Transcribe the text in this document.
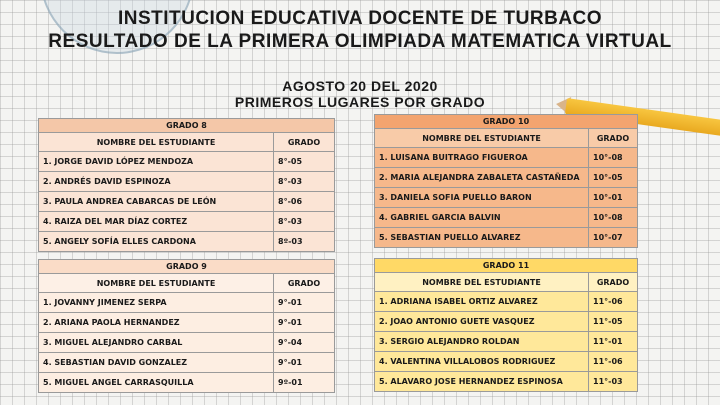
INSTITUCION EDUCATIVA DOCENTE DE TURBACO
RESULTADO DE LA PRIMERA OLIMPIADA MATEMATICA VIRTUAL
AGOSTO 20 DEL 2020
PRIMEROS LUGARES POR GRADO
GRADO 8	
NOMBRE DEL ESTUDIANTE	GRADO
1. JORGE DAVID LÓPEZ MENDOZA	8°-05
2. ANDRÉS DAVID ESPINOZA	8°-03
3. PAULA ANDREA CABARCAS DE LEÓN	8°-06
4. RAIZA DEL MAR DÍAZ CORTEZ	8°-03
5. ANGELY SOFÍA ELLES CARDONA	8º-03
GRADO 10	
NOMBRE DEL ESTUDIANTE	GRADO
1. LUISANA BUITRAGO FIGUEROA	10°-08
2. MARIA ALEJANDRA ZABALETA CASTAÑEDA	10°-05
3. DANIELA SOFIA PUELLO BARON	10°-01
4. GABRIEL GARCIA BALVIN	10°-08
5. SEBASTIAN PUELLO ALVAREZ	10°-07
GRADO 9	
NOMBRE DEL ESTUDIANTE	GRADO
1. JOVANNY JIMENEZ SERPA	9°-01
2. ARIANA PAOLA HERNANDEZ	9°-01
3. MIGUEL ALEJANDRO CARBAL	9°-04
4. SEBASTIAN DAVID GONZALEZ	9°-01
5. MIGUEL ANGEL CARRASQUILLA	9º-01
GRADO 11	
NOMBRE DEL ESTUDIANTE	GRADO
1. ADRIANA ISABEL ORTIZ ALVAREZ	11°-06
2. JOAO ANTONIO GUETE VASQUEZ	11°-05
3. SERGIO ALEJANDRO ROLDAN	11°-01
4. VALENTINA VILLALOBOS RODRIGUEZ	11°-06
5. ALAVARO JOSE HERNANDEZ ESPINOSA	11°-03
